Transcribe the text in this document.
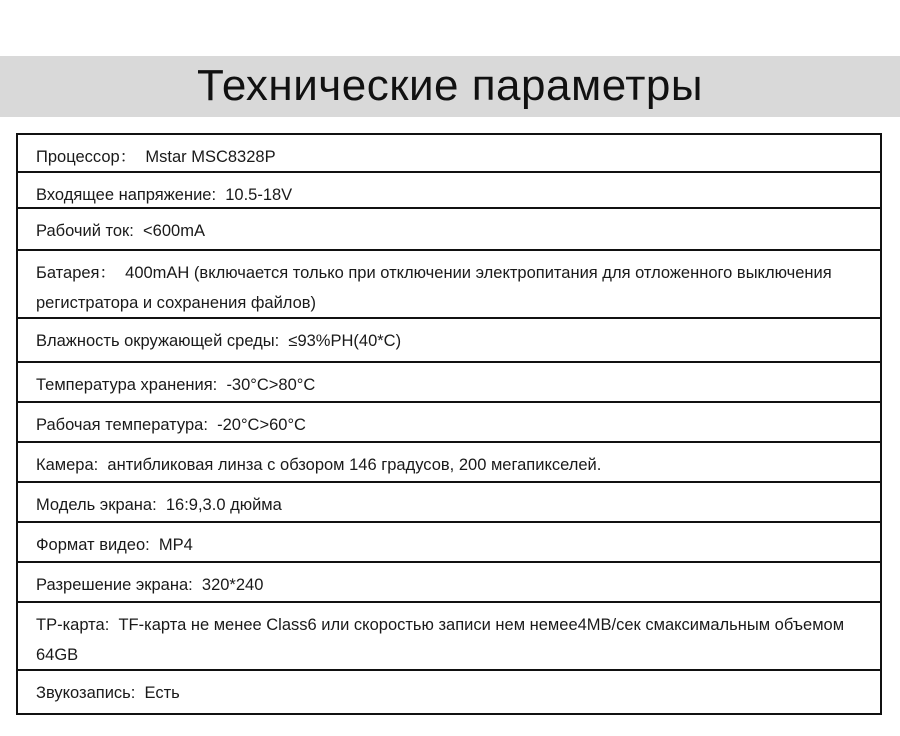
Технические параметры
Процессор： Mstar MSC8328P
Входящее напряжение: 10.5-18V
Рабочий ток: <600mA
Батарея： 400mAH (включается только при отключении электропитания для отложенного выключения регистратора и сохранения файлов)
Влажность окружающей среды: ≤93%PH(40*C)
Температура хранения: -30°C>80°C
Рабочая температура: -20°C>60°C
Камера: антибликовая линза с обзором 146 градусов, 200 мегапикселей.
Модель экрана: 16:9,3.0 дюйма
Формат видео: MP4
Разрешение экрана: 320*240
TP-карта: TF-карта не менее Class6 или скоростью записи нем немее4MB/сек смаксимальным объемом 64GB
Звукозапись: Есть
